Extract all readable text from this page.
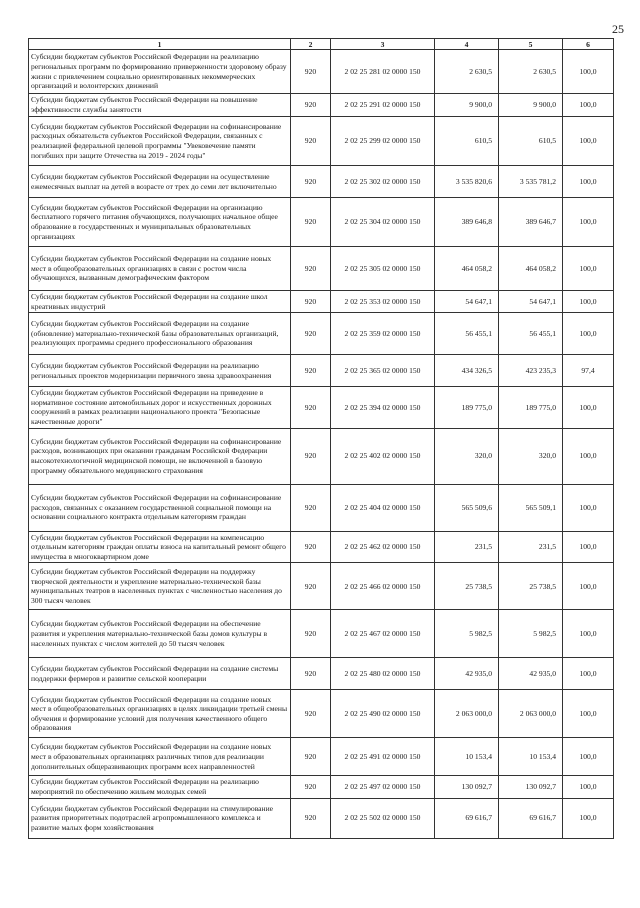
25
1	2	3	4	5	6
Субсидии бюджетам субъектов Российской Федерации на реализацию региональных программ по формированию приверженности здоровому образу жизни с привлечением социально ориентированных некоммерческих организаций и волонтерских движений	920	2 02 25 281 02 0000 150	2 630,5	2 630,5	100,0
Субсидии бюджетам субъектов Российской Федерации на повышение эффективности службы занятости	920	2 02 25 291 02 0000 150	9 900,0	9 900,0	100,0
Субсидии бюджетам субъектов Российской Федерации на софинансирование расходных обязательств субъектов Российской Федерации, связанных с реализацией федеральной целевой программы "Увековечение памяти погибших при защите Отечества на 2019 - 2024 годы"	920	2 02 25 299 02 0000 150	610,5	610,5	100,0
Субсидии бюджетам субъектов Российской Федерации на осуществление ежемесячных выплат на детей в возрасте от трех до семи лет включительно	920	2 02 25 302 02 0000 150	3 535 820,6	3 535 781,2	100,0
Субсидии бюджетам субъектов Российской Федерации на организацию бесплатного горячего питания обучающихся, получающих начальное общее образование в государственных и муниципальных образовательных организациях	920	2 02 25 304 02 0000 150	389 646,8	389 646,7	100,0
Субсидии бюджетам субъектов Российской Федерации на создание новых мест в общеобразовательных организациях в связи с ростом числа обучающихся, вызванным демографическим фактором	920	2 02 25 305 02 0000 150	464 058,2	464 058,2	100,0
Субсидии бюджетам субъектов Российской Федерации на создание школ креативных индустрий	920	2 02 25 353 02 0000 150	54 647,1	54 647,1	100,0
Субсидии бюджетам субъектов Российской Федерации на создание (обновление) материально-технической базы образовательных организаций, реализующих программы среднего профессионального образования	920	2 02 25 359 02 0000 150	56 455,1	56 455,1	100,0
Субсидии бюджетам субъектов Российской Федерации на реализацию региональных проектов модернизации первичного звена здравоохранения	920	2 02 25 365 02 0000 150	434 326,5	423 235,3	97,4
Субсидии бюджетам субъектов Российской Федерации на приведение в нормативное состояние автомобильных дорог и искусственных дорожных сооружений в рамках реализации национального проекта "Безопасные качественные дороги"	920	2 02 25 394 02 0000 150	189 775,0	189 775,0	100,0
Субсидии бюджетам субъектов Российской Федерации на софинансирование расходов, возникающих при оказании гражданам Российской Федерации высокотехнологичной медицинской помощи, не включенной в базовую программу обязательного медицинского страхования	920	2 02 25 402 02 0000 150	320,0	320,0	100,0
Субсидии бюджетам субъектов Российской Федерации на софинансирование расходов, связанных с оказанием государственной социальной помощи на основании социального контракта отдельным категориям граждан	920	2 02 25 404 02 0000 150	565 509,6	565 509,1	100,0
Субсидии бюджетам субъектов Российской Федерации на компенсацию отдельным категориям граждан оплаты взноса на капитальный ремонт общего имущества в многоквартирном доме	920	2 02 25 462 02 0000 150	231,5	231,5	100,0
Субсидии бюджетам субъектов Российской Федерации на поддержку творческой деятельности и укрепление материально-технической базы муниципальных театров в населенных пунктах с численностью населения до 300 тысяч человек	920	2 02 25 466 02 0000 150	25 738,5	25 738,5	100,0
Субсидии бюджетам субъектов Российской Федерации на обеспечение развития и укрепления материально-технической базы домов культуры в населенных пунктах с числом жителей до 50 тысяч человек	920	2 02 25 467 02 0000 150	5 982,5	5 982,5	100,0
Субсидии бюджетам субъектов Российской Федерации на создание системы поддержки фермеров и развитие сельской кооперации	920	2 02 25 480 02 0000 150	42 935,0	42 935,0	100,0
Субсидии бюджетам субъектов Российской Федерации на создание новых мест в общеобразовательных организациях в целях ликвидации третьей смены обучения и формирование условий для получения качественного общего образования	920	2 02 25 490 02 0000 150	2 063 000,0	2 063 000,0	100,0
Субсидии бюджетам субъектов Российской Федерации на создание новых мест в образовательных организациях различных типов для реализации дополнительных общеразвивающих программ всех направленностей	920	2 02 25 491 02 0000 150	10 153,4	10 153,4	100,0
Субсидии бюджетам субъектов Российской Федерации на реализацию мероприятий по обеспечению жильем молодых семей	920	2 02 25 497 02 0000 150	130 092,7	130 092,7	100,0
Субсидии бюджетам субъектов Российской Федерации на стимулирование развития приоритетных подотраслей агропромышленного комплекса и развитие малых форм хозяйствования	920	2 02 25 502 02 0000 150	69 616,7	69 616,7	100,0
